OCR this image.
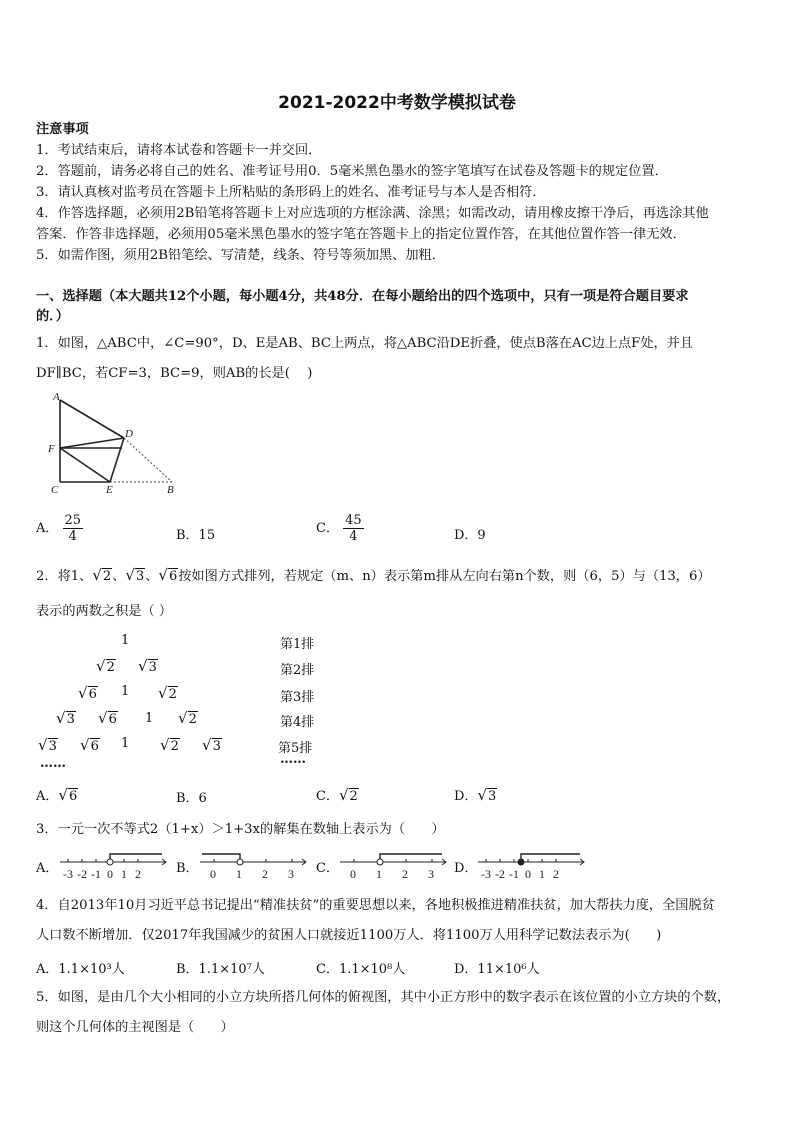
2021-2022中考数学模拟试卷
注意事项
1．考试结束后，请将本试卷和答题卡一并交回．
2．答题前，请务必将自己的姓名、准考证号用0．5毫米黑色墨水的签字笔填写在试卷及答题卡的规定位置．
3．请认真核对监考员在答题卡上所粘贴的条形码上的姓名、准考证号与本人是否相符．
4．作答选择题，必须用2B铅笔将答题卡上对应选项的方框涂满、涂黑；如需改动，请用橡皮擦干净后，再选涂其他
答案．作答非选择题，必须用05毫米黑色墨水的签字笔在答题卡上的指定位置作答，在其他位置作答一律无效．
5．如需作图，须用2B铅笔绘、写清楚，线条、符号等须加黑、加粗．
一、选择题（本大题共12个小题，每小题4分，共48分．在每小题给出的四个选项中，只有一项是符合题目要求
的．）
1．如图，△ABC中，∠C=90°，D、E是AB、BC上两点，将△ABC沿DE折叠，使点B落在AC边上点F处，并且
DF∥BC，若CF=3，BC=9，则AB的长是(　 )
A
F
C	E	B
D
A． $\frac{25}{4}$	B．15	C． $\frac{45}{4}$	D．9
2．将1、√2、√3、√6按如图方式排列，若规定（m、n）表示第m排从左向右第n个数，则（6，5）与（13，6）
表示的两数之积是（ ）
1
√2 √3
√6 1 √2
√3 √6 1 √2
√3 √6 1 √2 √3
……
第1排
第2排
第3排
第4排
第5排
……
A．√6	B．6	C．√2	D．√3
3．一元一次不等式2（1+x）＞1+3x的解集在数轴上表示为（　　）
A． -3 -2 -1 0 1 2	B． 0 1 2 3 C． 0 1 2 3 D． -3 -2 -1 0 1 2
4．自2013年10月习近平总书记提出“精准扶贫”的重要思想以来，各地积极推进精准扶贫，加大帮扶力度，全国脱贫
人口数不断增加．仅2017年我国减少的贫困人口就接近1100万人．将1100万人用科学记数法表示为(　　)
A．1.1×10³人	B．1.1×10⁷人	C．1.1×10⁸人	D．11×10⁶人
5．如图，是由几个大小相同的小立方块所搭几何体的俯视图，其中小正方形中的数字表示在该位置的小立方块的个数，
则这个几何体的主视图是（　　）
